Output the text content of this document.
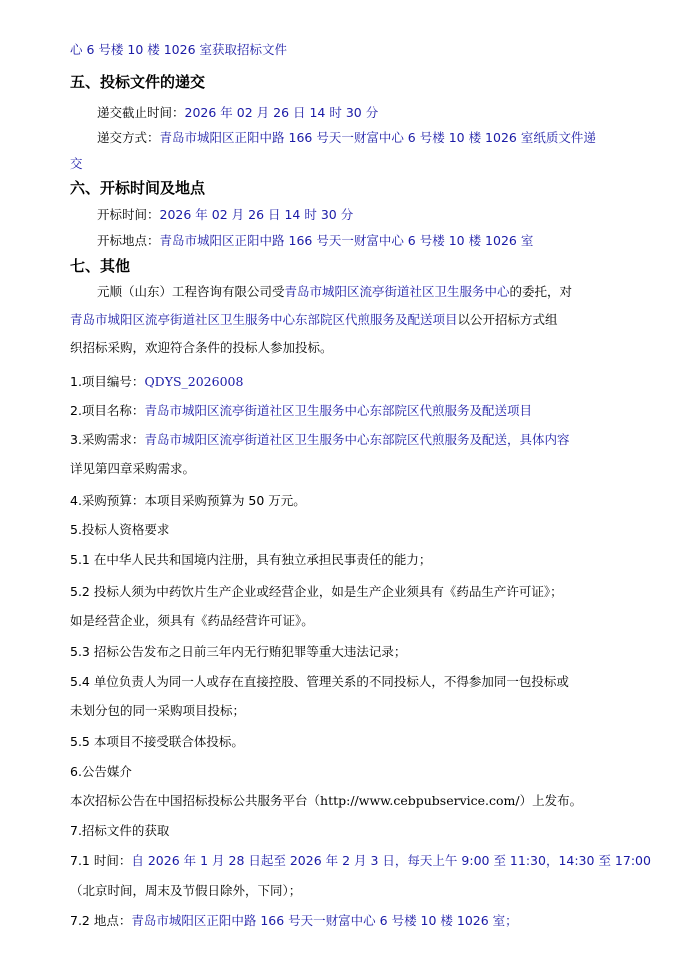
心 6 号楼 10 楼 1026 室获取招标文件
五、投标文件的递交
递交截止时间：2026 年 02 月 26 日 14 时 30 分
递交方式：青岛市城阳区正阳中路 166 号天一财富中心 6 号楼 10 楼 1026 室纸质文件递
交
六、开标时间及地点
开标时间：2026 年 02 月 26 日 14 时 30 分
开标地点：青岛市城阳区正阳中路 166 号天一财富中心 6 号楼 10 楼 1026 室
七、其他
元顺（山东）工程咨询有限公司受青岛市城阳区流亭街道社区卫生服务中心的委托，对
青岛市城阳区流亭街道社区卫生服务中心东部院区代煎服务及配送项目以公开招标方式组
织招标采购，欢迎符合条件的投标人参加投标。
1.项目编号：QDYS_2026008
2.项目名称：青岛市城阳区流亭街道社区卫生服务中心东部院区代煎服务及配送项目
3.采购需求：青岛市城阳区流亭街道社区卫生服务中心东部院区代煎服务及配送，具体内容
详见第四章采购需求。
4.采购预算：本项目采购预算为 50 万元。
5.投标人资格要求
5.1 在中华人民共和国境内注册，具有独立承担民事责任的能力；
5.2 投标人须为中药饮片生产企业或经营企业，如是生产企业须具有《药品生产许可证》；
如是经营企业，须具有《药品经营许可证》。
5.3 招标公告发布之日前三年内无行贿犯罪等重大违法记录；
5.4 单位负责人为同一人或存在直接控股、管理关系的不同投标人，不得参加同一包投标或
未划分包的同一采购项目投标；
5.5 本项目不接受联合体投标。
6.公告媒介
本次招标公告在中国招标投标公共服务平台（http://www.cebpubservice.com/）上发布。
7.招标文件的获取
7.1 时间：自 2026 年 1 月 28 日起至 2026 年 2 月 3 日，每天上午 9:00 至 11:30，14:30 至 17:00
（北京时间，周末及节假日除外，下同）；
7.2 地点：青岛市城阳区正阳中路 166 号天一财富中心 6 号楼 10 楼 1026 室；
